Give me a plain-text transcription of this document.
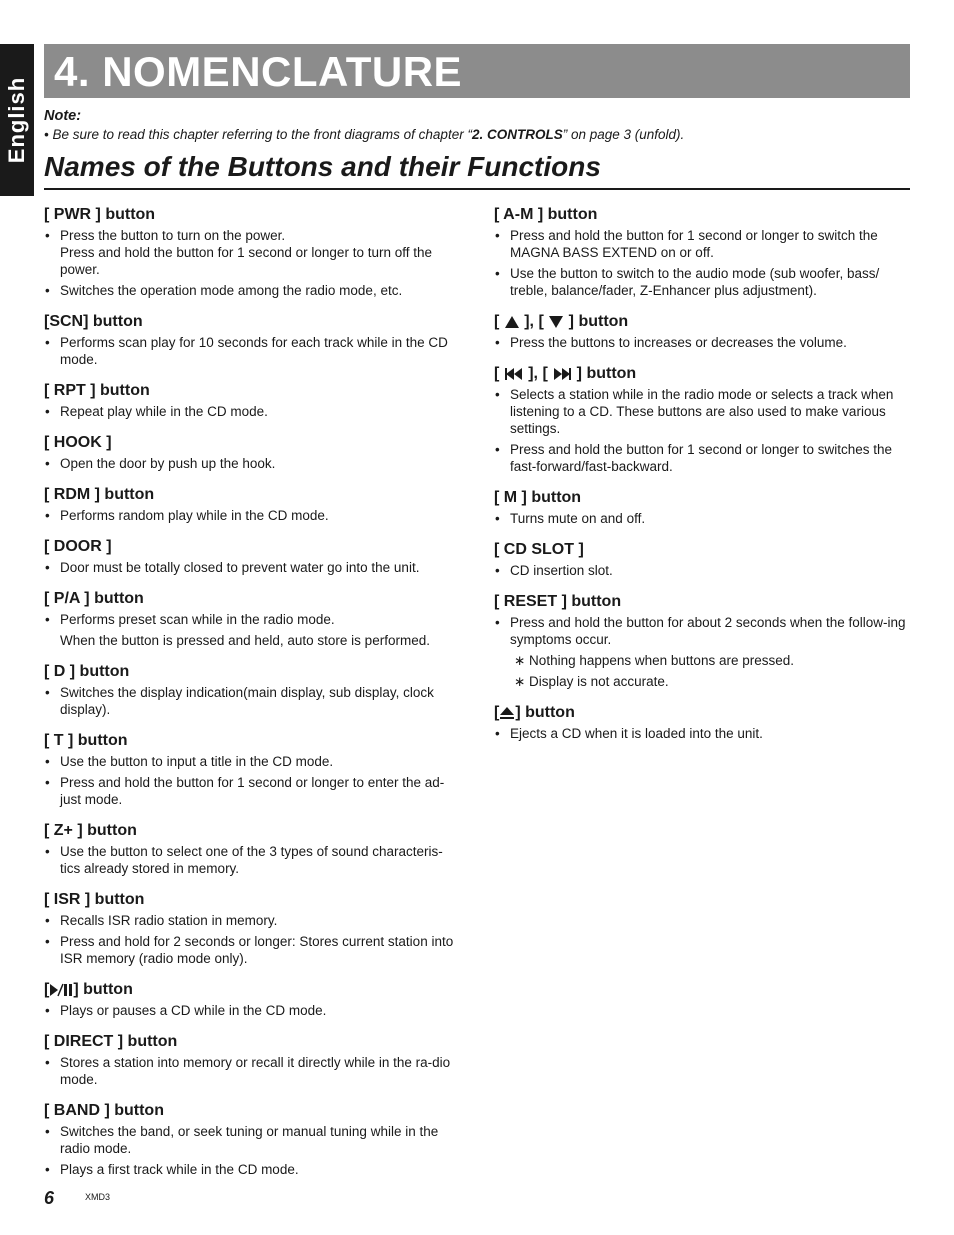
English
4. NOMENCLATURE
Note:
• Be sure to read this chapter referring to the front diagrams of chapter “2. CONTROLS” on page 3 (unfold).
Names of the Buttons and their Functions
[ PWR ] button
• Press the button to turn on the power.
Press and hold the button for 1 second or longer to turn off the power.
• Switches the operation mode among the radio mode, etc.
[SCN] button
• Performs scan play for 10 seconds for each track while in the CD mode.
[ RPT ] button
• Repeat play while in the CD mode.
[ HOOK ]
• Open the door by push up the hook.
[ RDM ] button
• Performs random play while in the CD mode.
[ DOOR ]
• Door must be totally closed to prevent water go into the unit.
[ P/A ] button
• Performs preset scan while in the radio mode.
When the button is pressed and held, auto store is performed.
[ D ] button
• Switches the display indication(main display, sub display, clock display).
[ T ] button
• Use the button to input a title in the CD mode.
• Press and hold the button for 1 second or longer to enter the ad-just mode.
[ Z+ ] button
• Use the button to select one of the 3 types of sound characteris-tics already stored in memory.
[ ISR ] button
• Recalls ISR radio station in memory.
• Press and hold for 2 seconds or longer: Stores current station into ISR memory (radio mode only).
[ ] button
• Plays or pauses a CD while in the CD mode.
[ DIRECT ] button
• Stores a station into memory or recall it directly while in the ra-dio mode.
[ BAND ] button
• Switches the band, or seek tuning or manual tuning while in the radio mode.
• Plays a first track while in the CD mode.
[ A-M ] button
• Press and hold the button for 1 second or longer to switch the MAGNA BASS EXTEND on or off.
• Use the button to switch to the audio mode (sub woofer, bass/ treble, balance/fader, Z-Enhancer plus adjustment).
[ ], [ ] button
• Press the buttons to increases or decreases the volume.
[ ], [ ] button
• Selects a station while in the radio mode or selects a track when listening to a CD. These buttons are also used to make various settings.
• Press and hold the button for 1 second or longer to switches the fast-forward/fast-backward.
[ M ] button
• Turns mute on and off.
[ CD SLOT ]
• CD insertion slot.
[ RESET ] button
• Press and hold the button for about 2 seconds when the follow-ing symptoms occur.
∗ Nothing happens when buttons are pressed.
∗ Display is not accurate.
[ ] button
• Ejects a CD when it is loaded into the unit.
6	XMD3
